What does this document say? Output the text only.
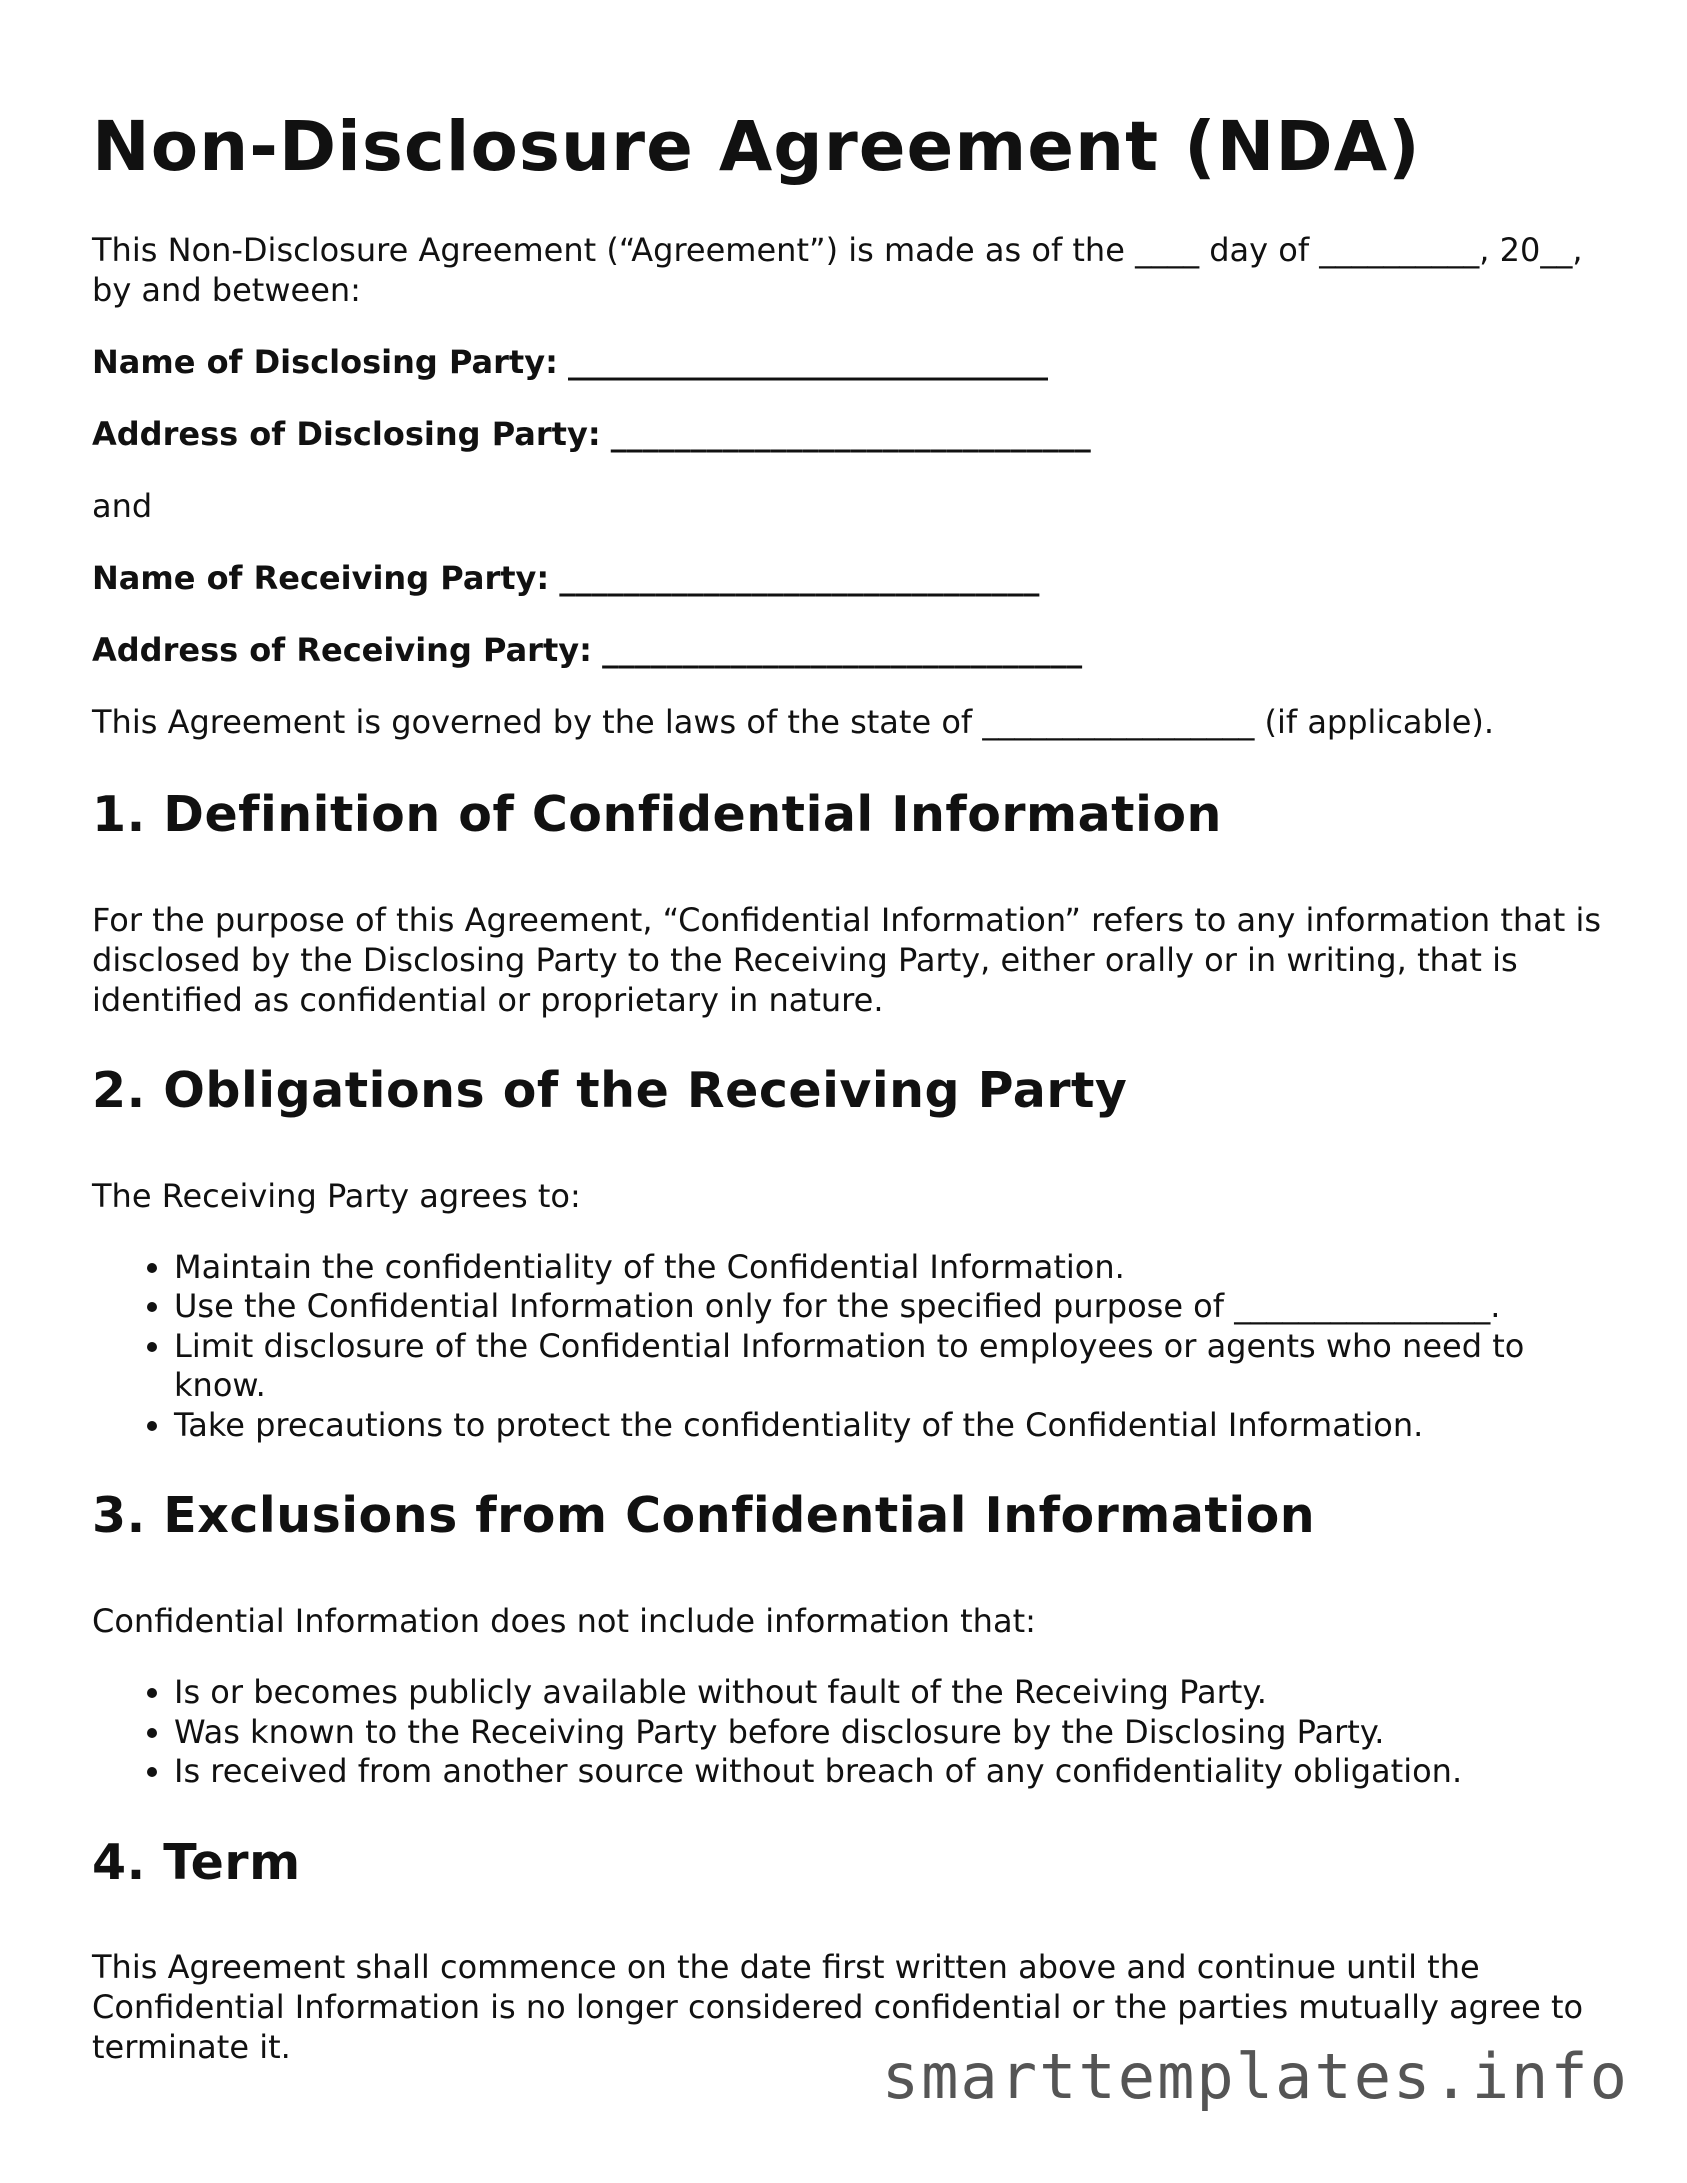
Non-Disclosure Agreement (NDA)

This Non-Disclosure Agreement (“Agreement”) is made as of the ____ day of __________, 20__, by and between:

Name of Disclosing Party: ______________________________

Address of Disclosing Party: ______________________________

and

Name of Receiving Party: ______________________________

Address of Receiving Party: ______________________________

This Agreement is governed by the laws of the state of _________________ (if applicable).

1. Definition of Confidential Information

For the purpose of this Agreement, “Confidential Information” refers to any information that is disclosed by the Disclosing Party to the Receiving Party, either orally or in writing, that is identified as confidential or proprietary in nature.

2. Obligations of the Receiving Party

The Receiving Party agrees to:

• Maintain the confidentiality of the Confidential Information.
• Use the Confidential Information only for the specified purpose of ________________.
• Limit disclosure of the Confidential Information to employees or agents who need to know.
• Take precautions to protect the confidentiality of the Confidential Information.
3. Exclusions from Confidential Information

Confidential Information does not include information that:

• Is or becomes publicly available without fault of the Receiving Party.
• Was known to the Receiving Party before disclosure by the Disclosing Party.
• Is received from another source without breach of any confidentiality obligation.
4. Term

This Agreement shall commence on the date first written above and continue until the Confidential Information is no longer considered confidential or the parties mutually agree to terminate it.	smarttemplates.info
